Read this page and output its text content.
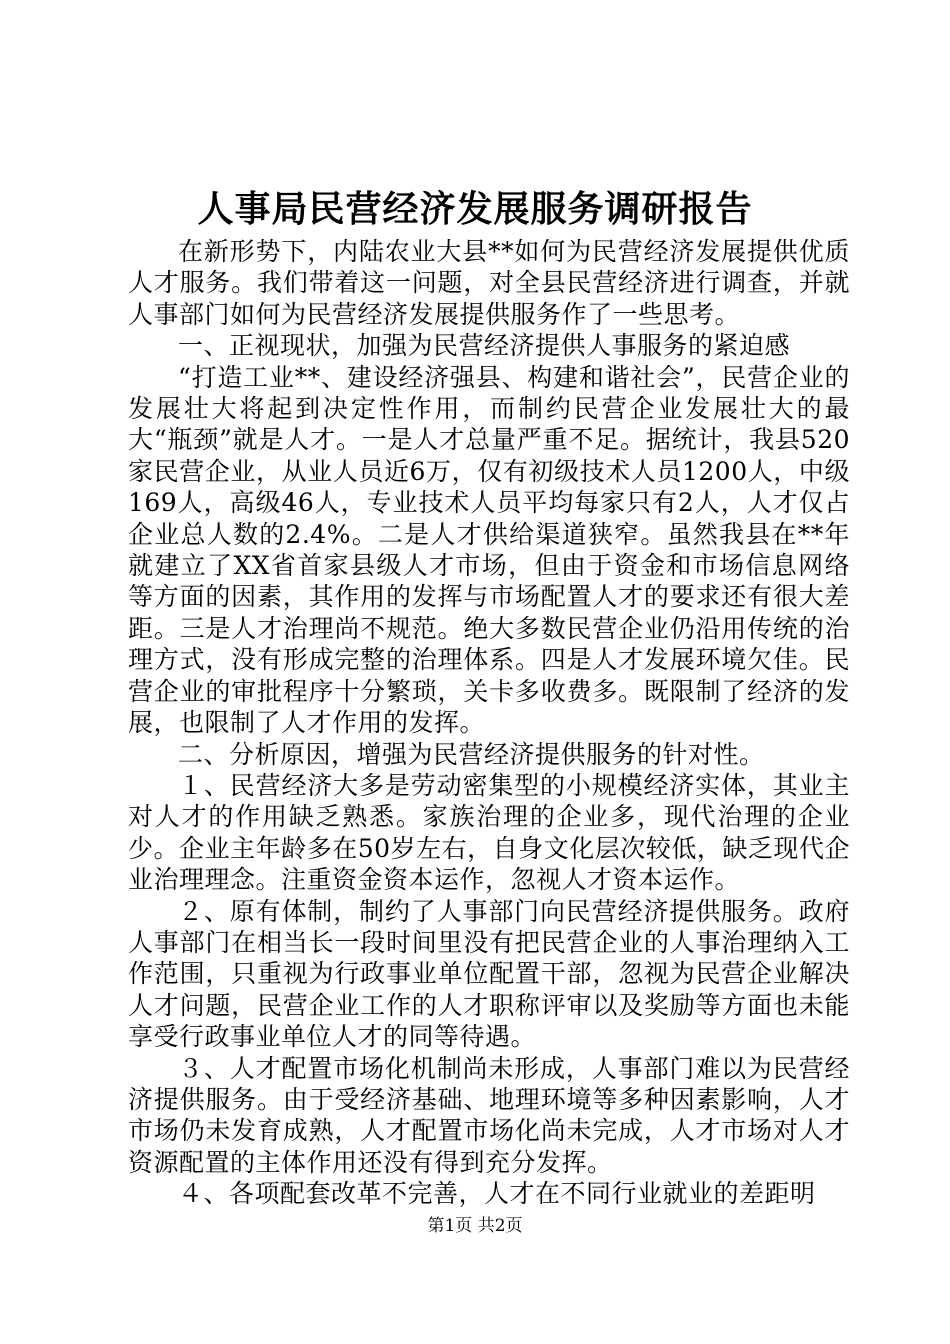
人事局民营经济发展服务调研报告

在新形势下，内陆农业大县**如何为民营经济发展提供优质人才服务。我们带着这一问题，对全县民营经济进行调查，并就人事部门如何为民营经济发展提供服务作了一些思考。

一、正视现状，加强为民营经济提供人事服务的紧迫感

“打造工业**、建设经济强县、构建和谐社会”，民营企业的发展壮大将起到决定性作用，而制约民营企业发展壮大的最大“瓶颈”就是人才。一是人才总量严重不足。据统计，我县520家民营企业，从业人员近6万，仅有初级技术人员1200人，中级169人，高级46人，专业技术人员平均每家只有2人，人才仅占企业总人数的2.4%。二是人才供给渠道狭窄。虽然我县在**年就建立了XX省首家县级人才市场，但由于资金和市场信息网络等方面的因素，其作用的发挥与市场配置人才的要求还有很大差距。三是人才治理尚不规范。绝大多数民营企业仍沿用传统的治理方式，没有形成完整的治理体系。四是人才发展环境欠佳。民营企业的审批程序十分繁琐，关卡多收费多。既限制了经济的发展，也限制了人才作用的发挥。

二、分析原因，增强为民营经济提供服务的针对性。

１、民营经济大多是劳动密集型的小规模经济实体，其业主对人才的作用缺乏熟悉。家族治理的企业多，现代治理的企业少。企业主年龄多在50岁左右，自身文化层次较低，缺乏现代企业治理理念。注重资金资本运作，忽视人才资本运作。

２、原有体制，制约了人事部门向民营经济提供服务。政府人事部门在相当长一段时间里没有把民营企业的人事治理纳入工作范围，只重视为行政事业单位配置干部，忽视为民营企业解决人才问题，民营企业工作的人才职称评审以及奖励等方面也未能享受行政事业单位人才的同等待遇。

３、人才配置市场化机制尚未形成，人事部门难以为民营经济提供服务。由于受经济基础、地理环境等多种因素影响，人才市场仍未发育成熟，人才配置市场化尚未完成，人才市场对人才资源配置的主体作用还没有得到充分发挥。

４、各项配套改革不完善，人才在不同行业就业的差距明

第1页 共2页
